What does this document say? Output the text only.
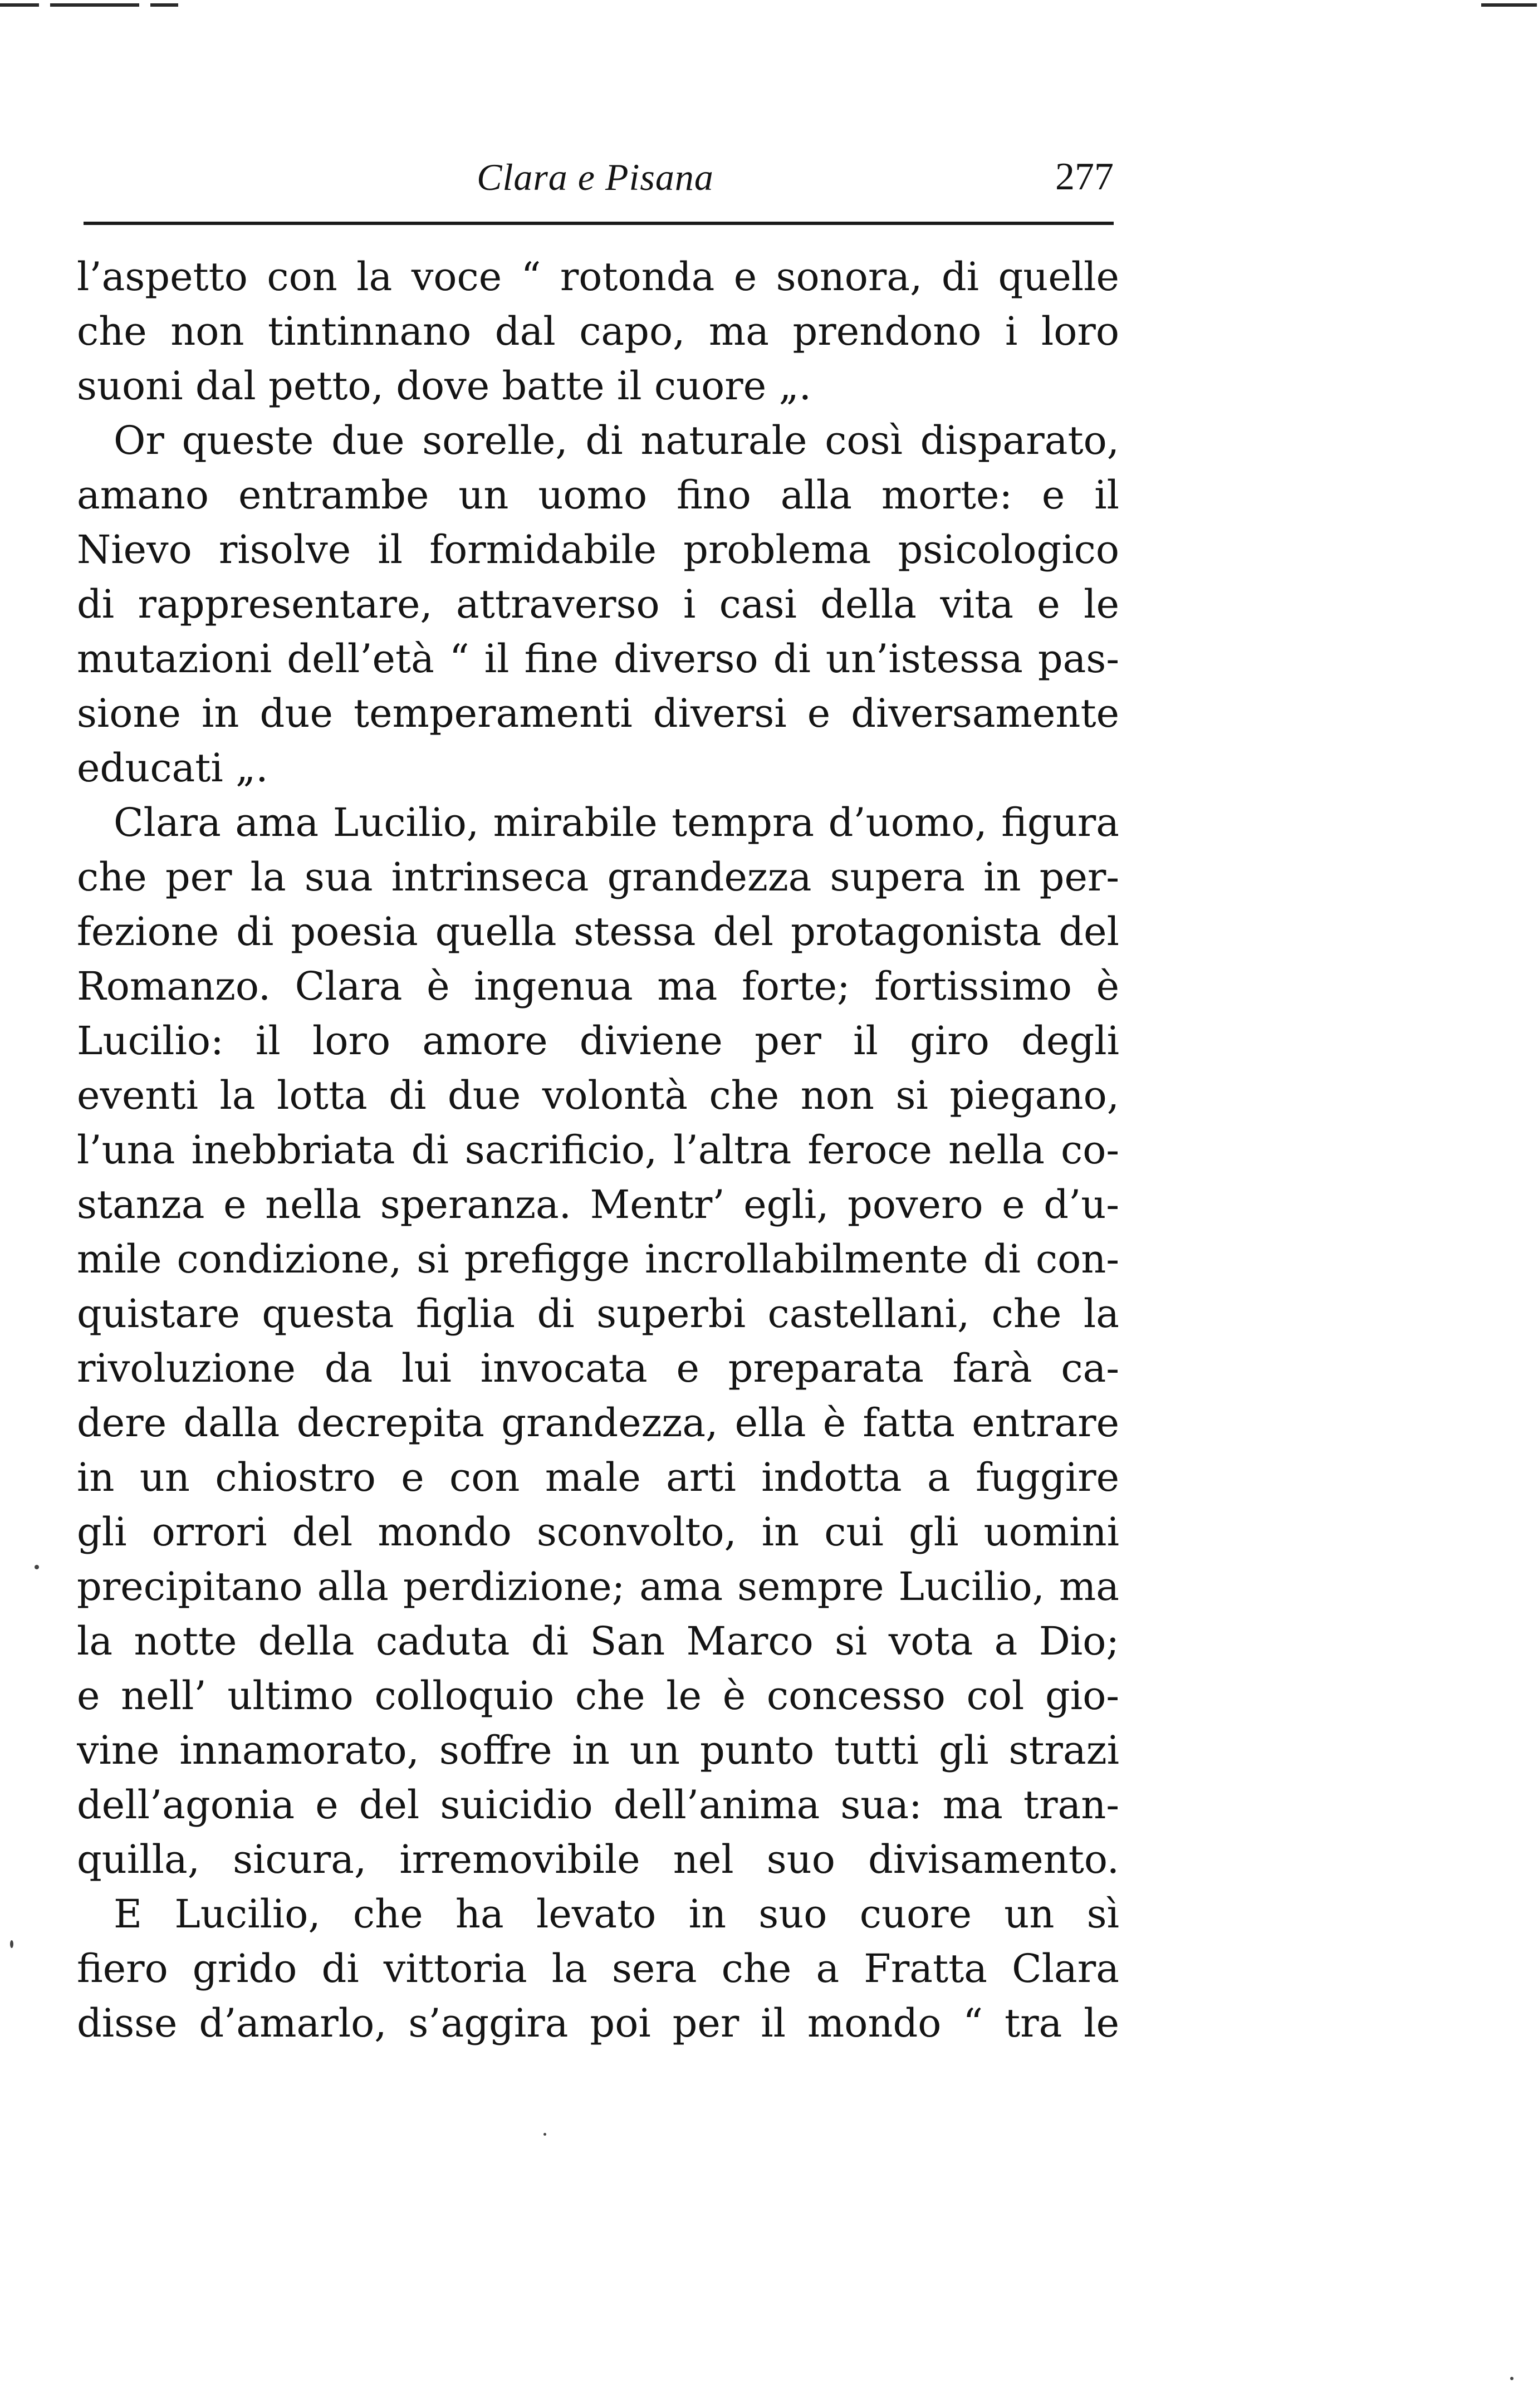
Clara e Pisana	277
l’aspetto con la voce “ rotonda e sonora, di quelle
che non tintinnano dal capo, ma prendono i loro
suoni dal petto, dove batte il cuore „.
Or queste due sorelle, di naturale così disparato,
amano entrambe un uomo fino alla morte: e il
Nievo risolve il formidabile problema psicologico
di rappresentare, attraverso i casi della vita e le
mutazioni dell’età “ il fine diverso di un’istessa pas-
sione in due temperamenti diversi e diversamente
educati „.
Clara ama Lucilio, mirabile tempra d’uomo, figura
che per la sua intrinseca grandezza supera in per-
fezione di poesia quella stessa del protagonista del
Romanzo. Clara è ingenua ma forte; fortissimo è
Lucilio: il loro amore diviene per il giro degli
eventi la lotta di due volontà che non si piegano,
l’una inebbriata di sacrificio, l’altra feroce nella co-
stanza e nella speranza. Mentr’ egli, povero e d’u-
mile condizione, si prefigge incrollabilmente di con-
quistare questa figlia di superbi castellani, che la
rivoluzione da lui invocata e preparata farà ca-
dere dalla decrepita grandezza, ella è fatta entrare
in un chiostro e con male arti indotta a fuggire
gli orrori del mondo sconvolto, in cui gli uomini
precipitano alla perdizione; ama sempre Lucilio, ma
la notte della caduta di San Marco si vota a Dio;
e nell’ ultimo colloquio che le è concesso col gio-
vine innamorato, soffre in un punto tutti gli strazi
dell’agonia e del suicidio dell’anima sua: ma tran-
quilla, sicura, irremovibile nel suo divisamento.
E Lucilio, che ha levato in suo cuore un sì
fiero grido di vittoria la sera che a Fratta Clara
disse d’amarlo, s’aggira poi per il mondo “ tra le
